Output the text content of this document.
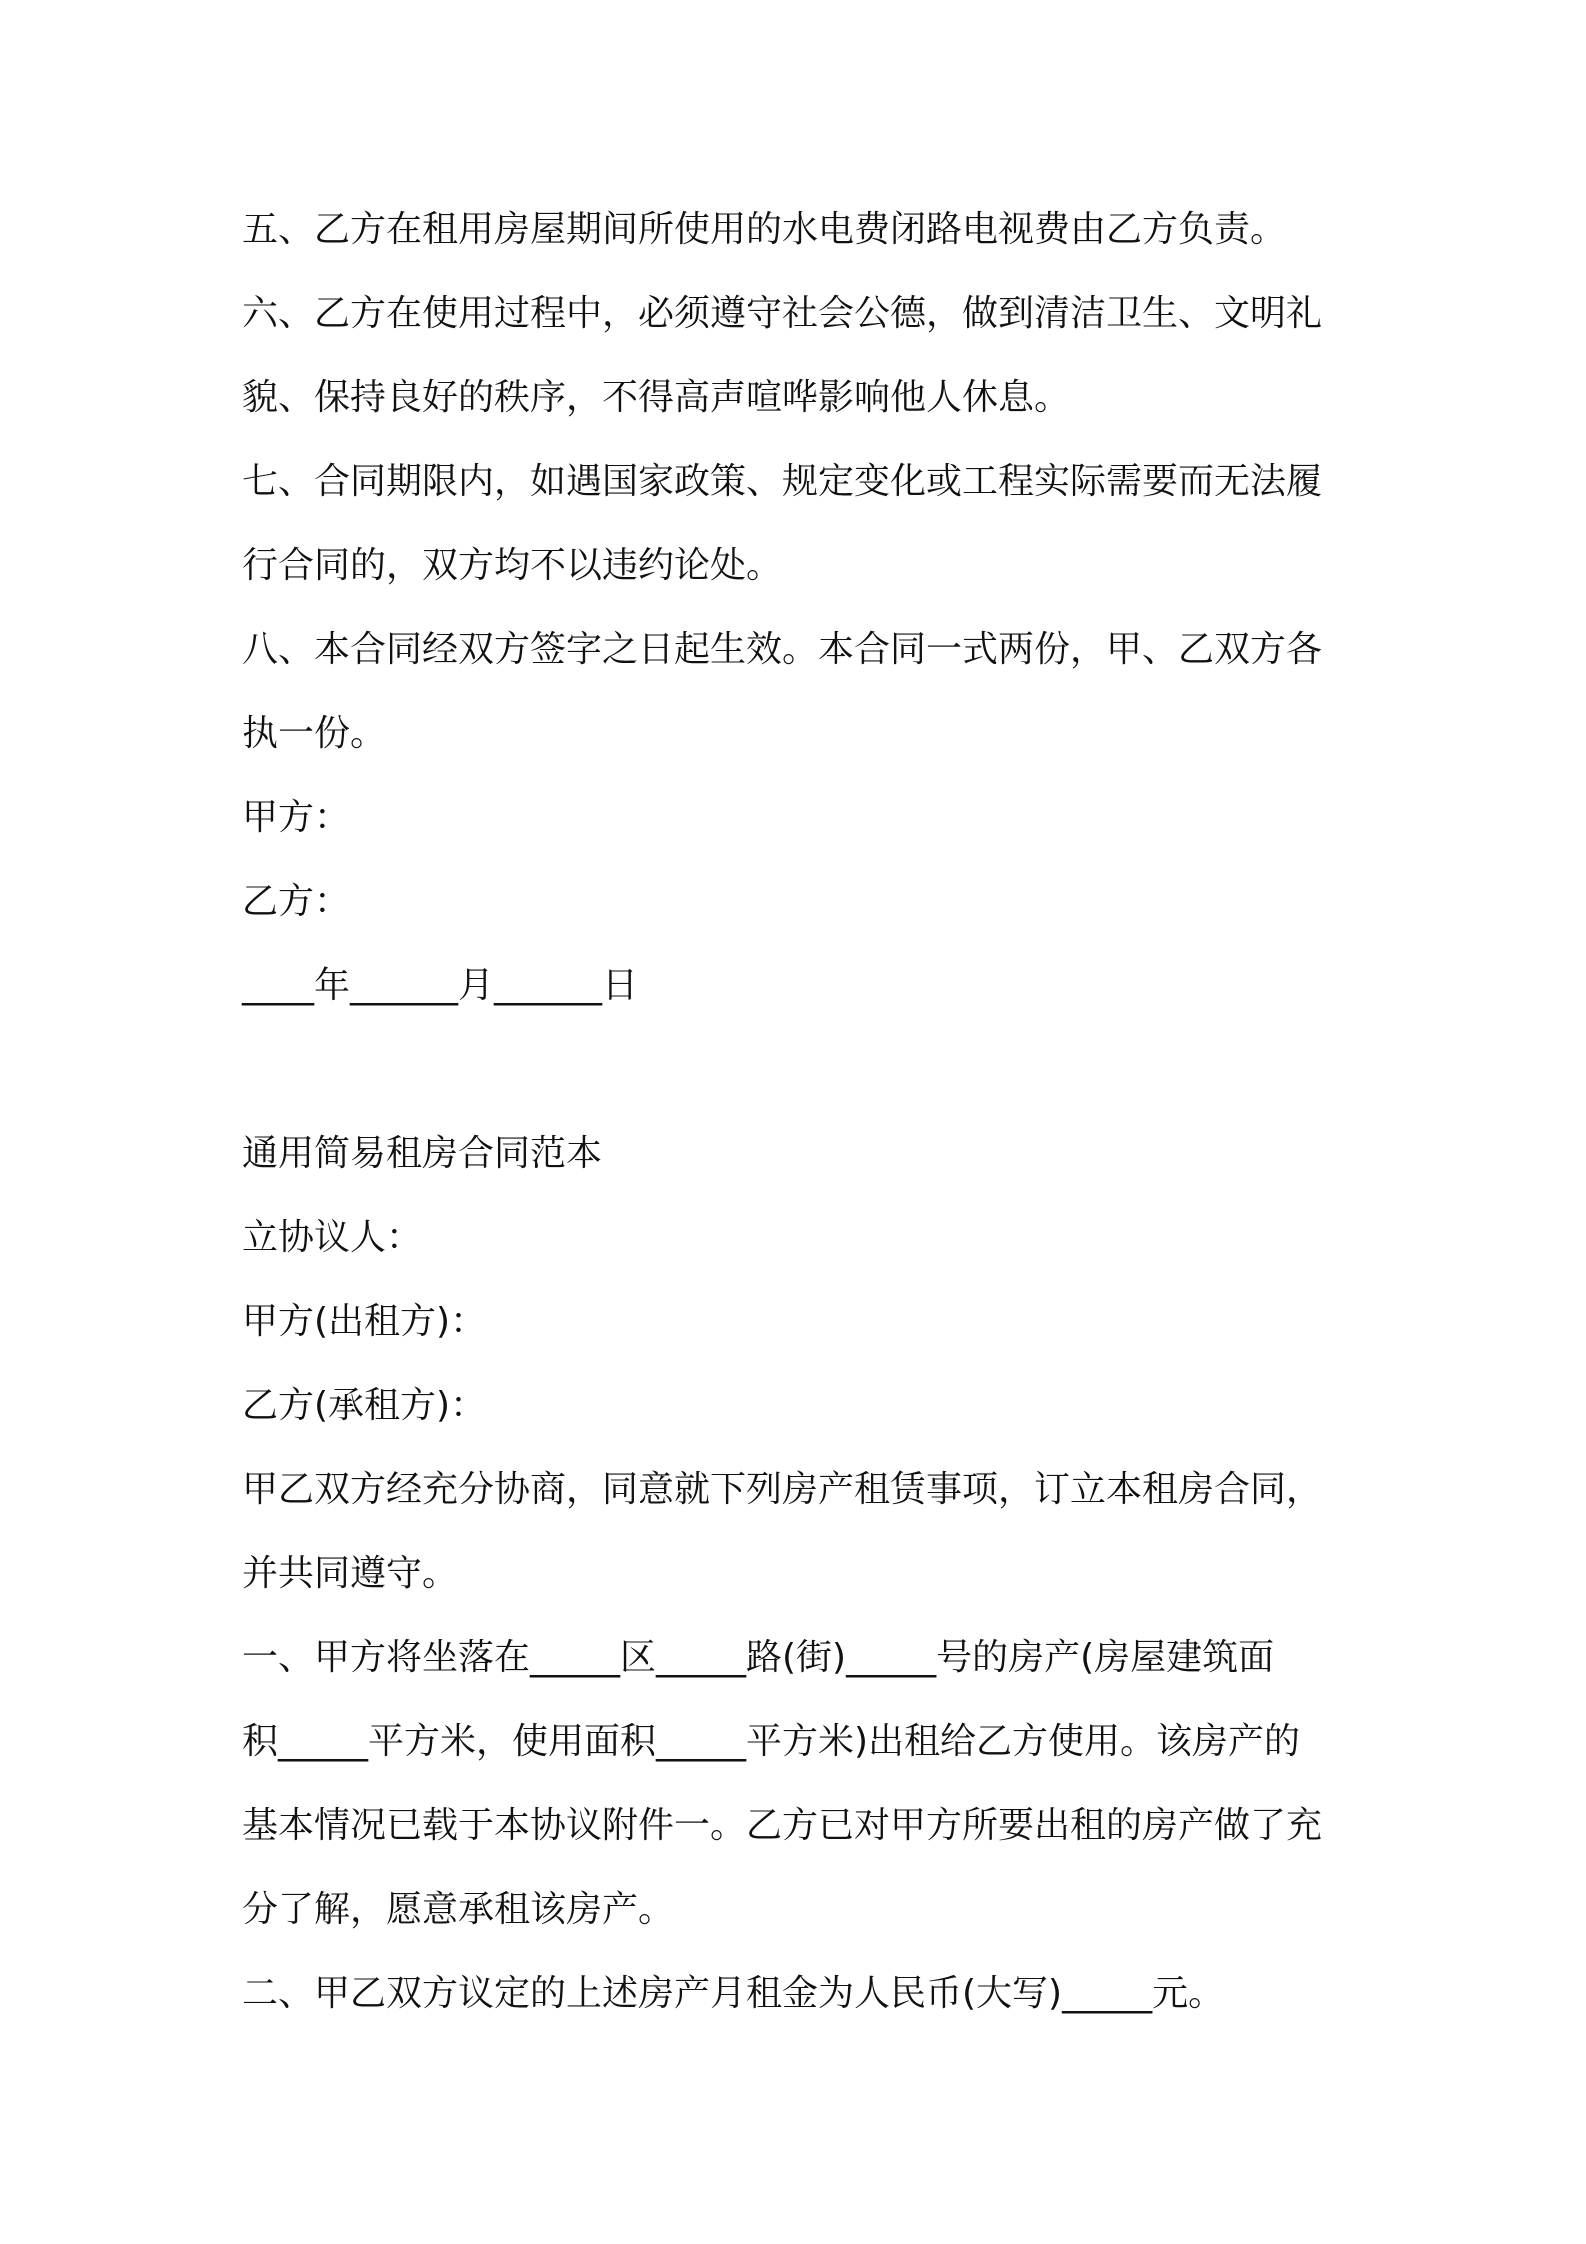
五、乙方在租用房屋期间所使用的水电费闭路电视费由乙方负责。
六、乙方在使用过程中，必须遵守社会公德，做到清洁卫生、文明礼
貌、保持良好的秩序，不得高声喧哗影响他人休息。
七、合同期限内，如遇国家政策、规定变化或工程实际需要而无法履
行合同的，双方均不以违约论处。
八、本合同经双方签字之日起生效。本合同一式两份，甲、乙双方各
执一份。
甲方：
乙方：
____年______月______日
通用简易租房合同范本
立协议人：
甲方(出租方)：
乙方(承租方)：
甲乙双方经充分协商，同意就下列房产租赁事项，订立本租房合同，
并共同遵守。
一、甲方将坐落在_____区_____路(街)_____号的房产(房屋建筑面
积_____平方米，使用面积_____平方米)出租给乙方使用。该房产的
基本情况已载于本协议附件一。乙方已对甲方所要出租的房产做了充
分了解，愿意承租该房产。
二、甲乙双方议定的上述房产月租金为人民币(大写)_____元。
